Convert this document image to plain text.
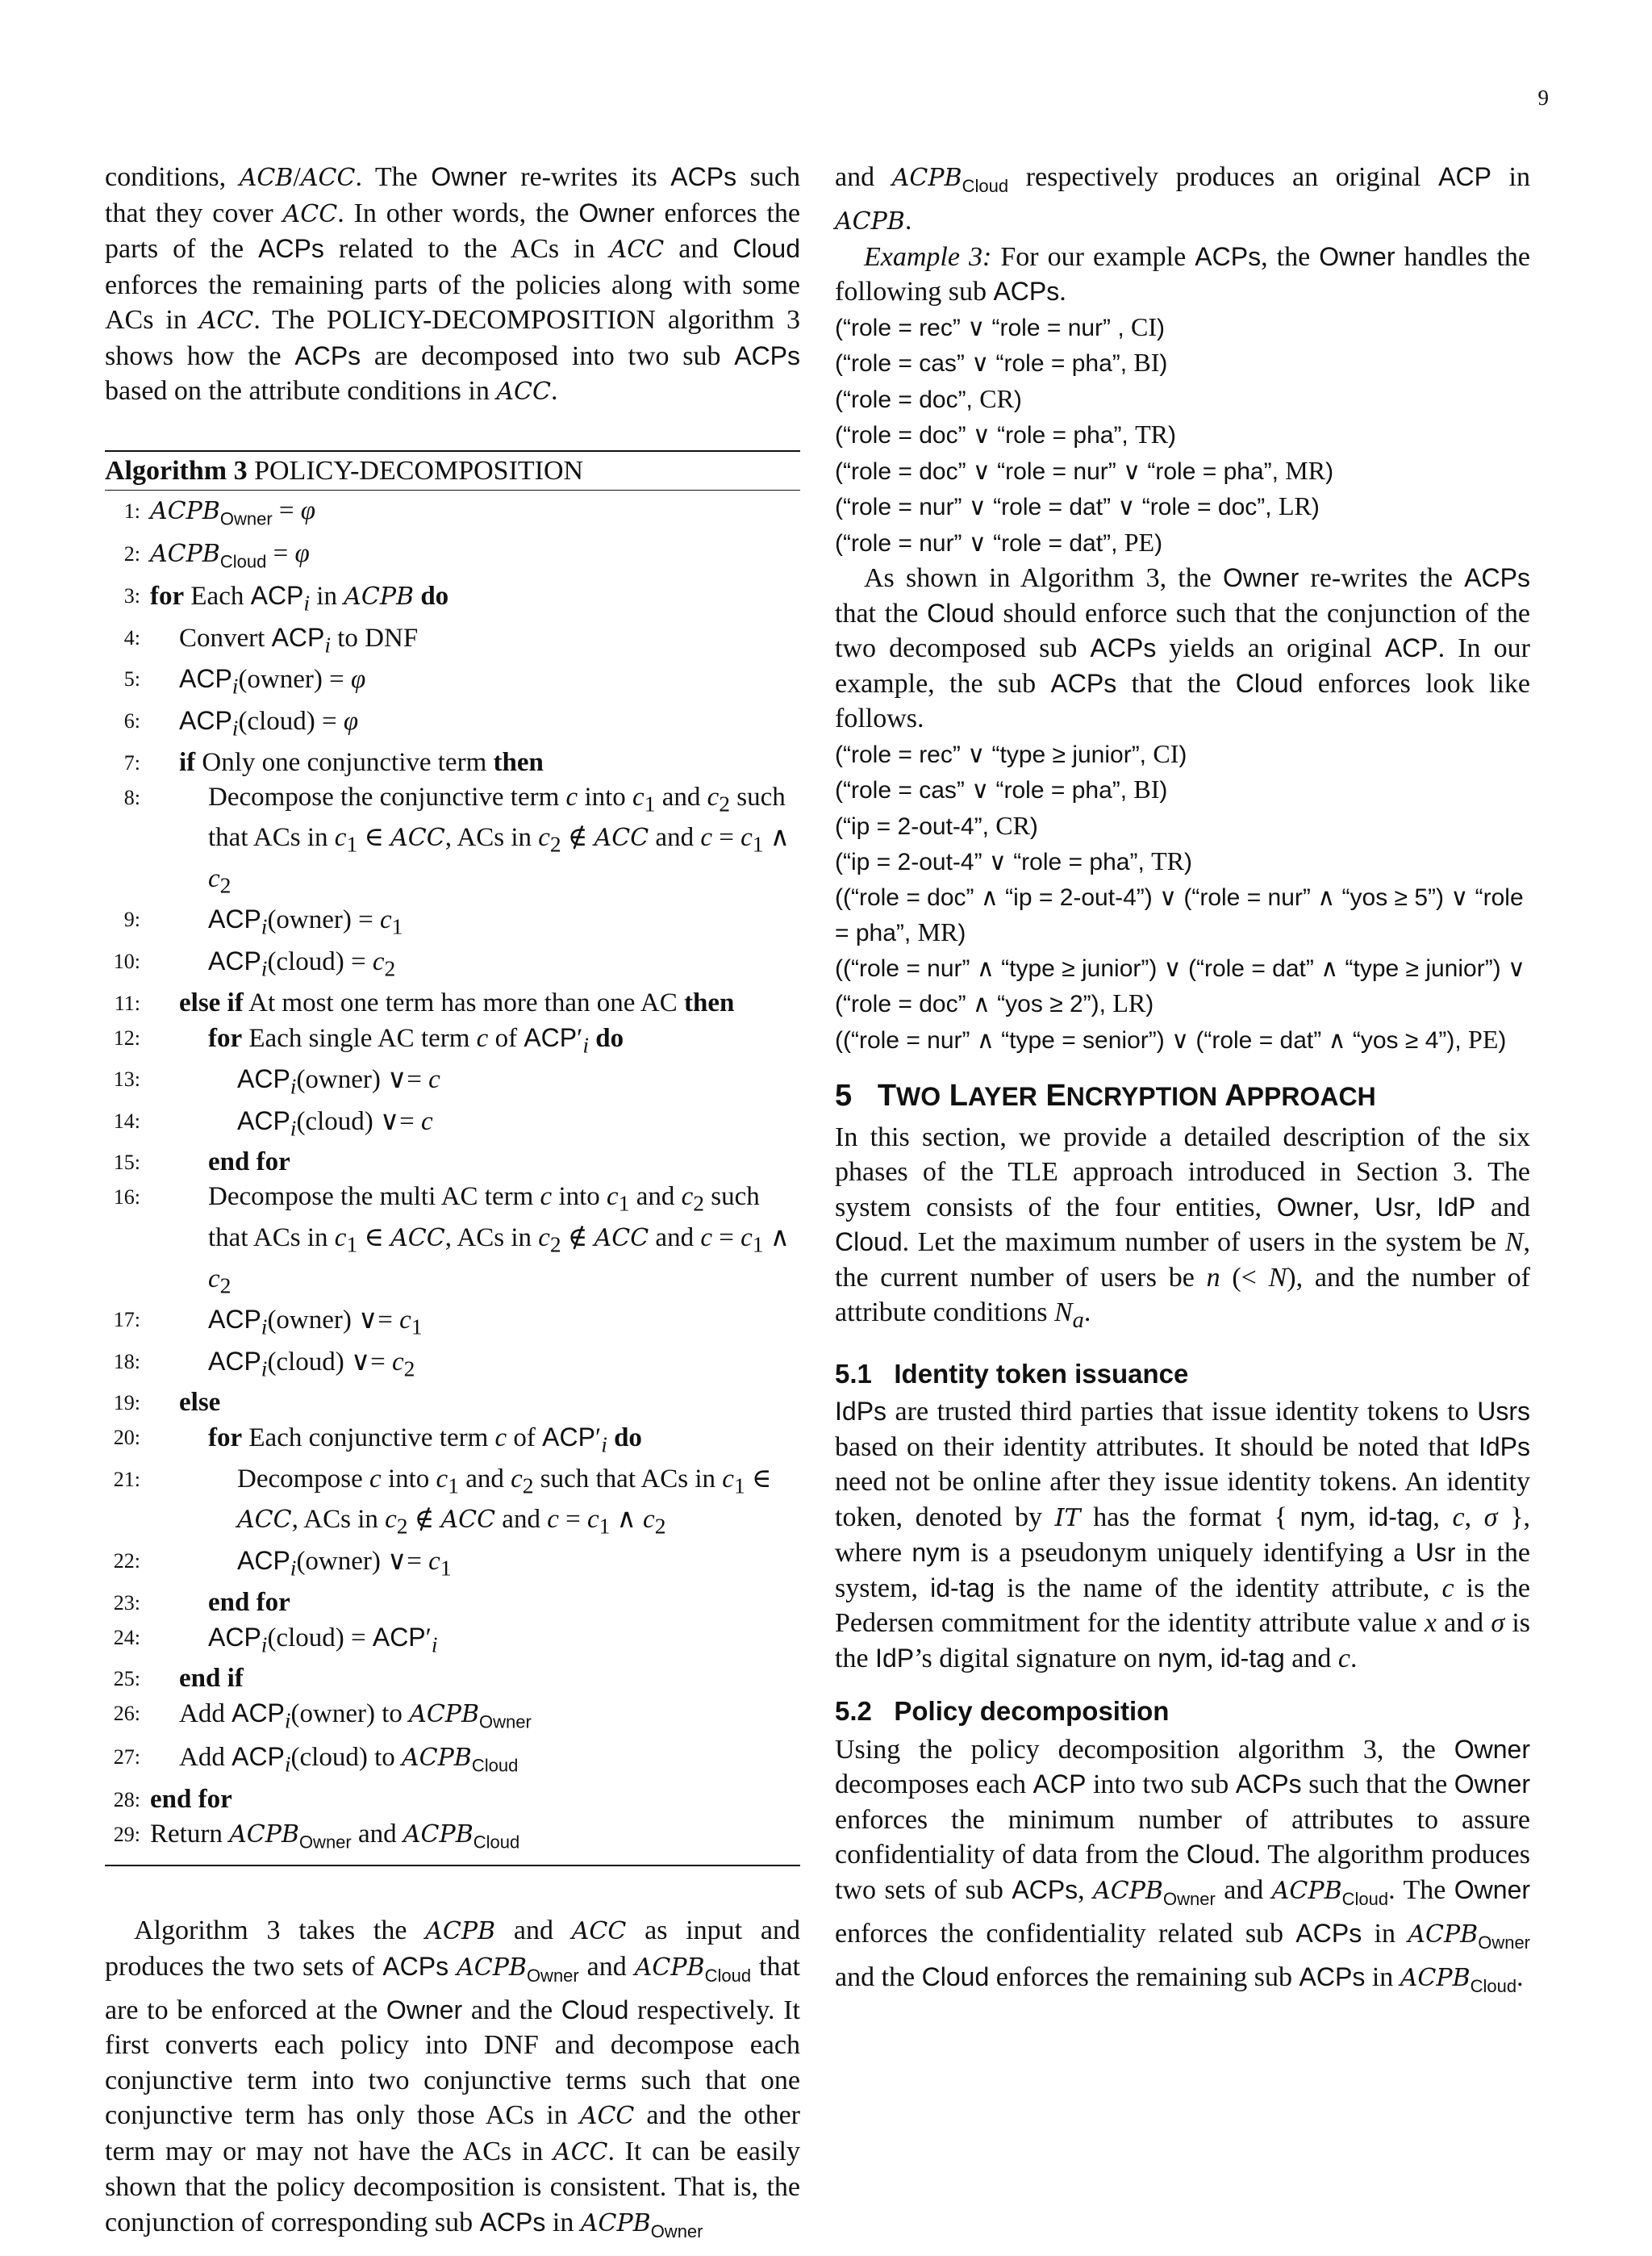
9

conditions, ACB/ACC. The Owner re-writes its ACPs such that they cover ACC. In other words, the Owner enforces the parts of the ACPs related to the ACs in ACC and Cloud enforces the remaining parts of the policies along with some ACs in ACC. The POLICY-DECOMPOSITION algorithm 3 shows how the ACPs are decomposed into two sub ACPs based on the attribute conditions in ACC.

Algorithm 3 POLICY-DECOMPOSITION
1: $ACPB_{Owner} = \varphi$
2: $ACPB_{Cloud} = \varphi$
3: for Each $ACP_i$ in ACPB do
4:	Convert $ACP_i$ to DNF
5:	$ACP_i(owner) = \varphi$
6:	$ACP_i(cloud) = \varphi$
7:	if Only one conjunctive term then
8:	Decompose the conjunctive term c into $c_1$ and $c_2$ such that ACs in $c_1$ ∈ ACC, ACs in $c_2$ ∉ ACC and $c = c_1$ ∧ $c_2$
9:	$ACP_i(owner) = c_1$
10:	$ACP_i(cloud) = c_2$
11:	else if At most one term has more than one AC then
12:	for Each single AC term c of $ACP'_i$ do
13:	$ACP_i(owner)$ ∨= c
14:	$ACP_i(cloud)$ ∨= c
15:	end for
16:	Decompose the multi AC term c into $c_1$ and $c_2$ such that ACs in $c_1$ ∈ ACC, ACs in $c_2$ ∉ ACC and $c = c_1$ ∧ $c_2$
17:	$ACP_i(owner)$ ∨= $c_1$
18:	$ACP_i(cloud)$ ∨= $c_2$
19:	else
20:	for Each conjunctive term c of $ACP'_i$ do
21:	Decompose c into $c_1$ and $c_2$ such that ACs in $c_1$ ∈ ACC, ACs in $c_2$ ∉ ACC and $c = c_1$ ∧ $c_2$
22:	$ACP_i(owner)$ ∨= $c_1$
23:	end for
24:	$ACP_i(cloud) = ACP'_i$
25:	end if
26:	Add $ACP_i(owner)$ to $ACPB_{Owner}$
27:	Add $ACP_i(cloud)$ to $ACPB_{Cloud}$
28: end for
29: Return $ACPB_{Owner}$ and $ACPB_{Cloud}$

Algorithm 3 takes the ACPB and ACC as input and produces the two sets of ACPs $ACPB_{Owner}$ and $ACPB_{Cloud}$ that are to be enforced at the Owner and the Cloud respectively. It first converts each policy into DNF and decompose each conjunctive term into two conjunctive terms such that one conjunctive term has only those ACs in ACC and the other term may or may not have the ACs in ACC. It can be easily shown that the policy decomposition is consistent. That is, the conjunction of corresponding sub ACPs in $ACPB_{Owner}$

and $ACPB_{Cloud}$ respectively produces an original ACP in ACPB.

Example 3: For our example ACPs, the Owner handles the following sub ACPs.

(“role = rec” ∨ “role = nur” , CI)
(“role = cas” ∨ “role = pha”, BI)
(“role = doc”, CR)
(“role = doc” ∨ “role = pha”, TR)
(“role = doc” ∨ “role = nur” ∨ “role = pha”, MR)
(“role = nur” ∨ “role = dat” ∨ “role = doc”, LR)
(“role = nur” ∨ “role = dat”, PE)

As shown in Algorithm 3, the Owner re-writes the ACPs that the Cloud should enforce such that the conjunction of the two decomposed sub ACPs yields an original ACP. In our example, the sub ACPs that the Cloud enforces look like follows.

(“role = rec” ∨ “type ≥ junior”, CI)
(“role = cas” ∨ “role = pha”, BI)
(“ip = 2-out-4”, CR)
(“ip = 2-out-4” ∨ “role = pha”, TR)
((“role = doc” ∧ “ip = 2-out-4”) ∨ (“role = nur” ∧ “yos ≥ 5”) ∨ “role = pha”, MR)
((“role = nur” ∧ “type ≥ junior”) ∨ (“role = dat” ∧ “type ≥ junior”) ∨ (“role = doc” ∧ “yos ≥ 2”), LR)
((“role = nur” ∧ “type = senior”) ∨ (“role = dat” ∧ “yos ≥ 4”), PE)
5 TWO LAYER ENCRYPTION APPROACH

In this section, we provide a detailed description of the six phases of the TLE approach introduced in Section 3. The system consists of the four entities, Owner, Usr, IdP and Cloud. Let the maximum number of users in the system be N, the current number of users be n (< N), and the number of attribute conditions $N_a$.

5.1   Identity token issuance

IdPs are trusted third parties that issue identity tokens to Usrs based on their identity attributes. It should be noted that IdPs need not be online after they issue identity tokens. An identity token, denoted by IT has the format { nym, id-tag, c, σ }, where nym is a pseudonym uniquely identifying a Usr in the system, id-tag is the name of the identity attribute, c is the Pedersen commitment for the identity attribute value x and σ is the IdP’s digital signature on nym, id-tag and c.

5.2   Policy decomposition

Using the policy decomposition algorithm 3, the Owner decomposes each ACP into two sub ACPs such that the Owner enforces the minimum number of attributes to assure confidentiality of data from the Cloud. The algorithm produces two sets of sub ACPs, $ACPB_{Owner}$ and $ACPB_{Cloud}$. The Owner enforces the confidentiality related sub ACPs in $ACPB_{Owner}$ and the Cloud enforces the remaining sub ACPs in $ACPB_{Cloud}$.
